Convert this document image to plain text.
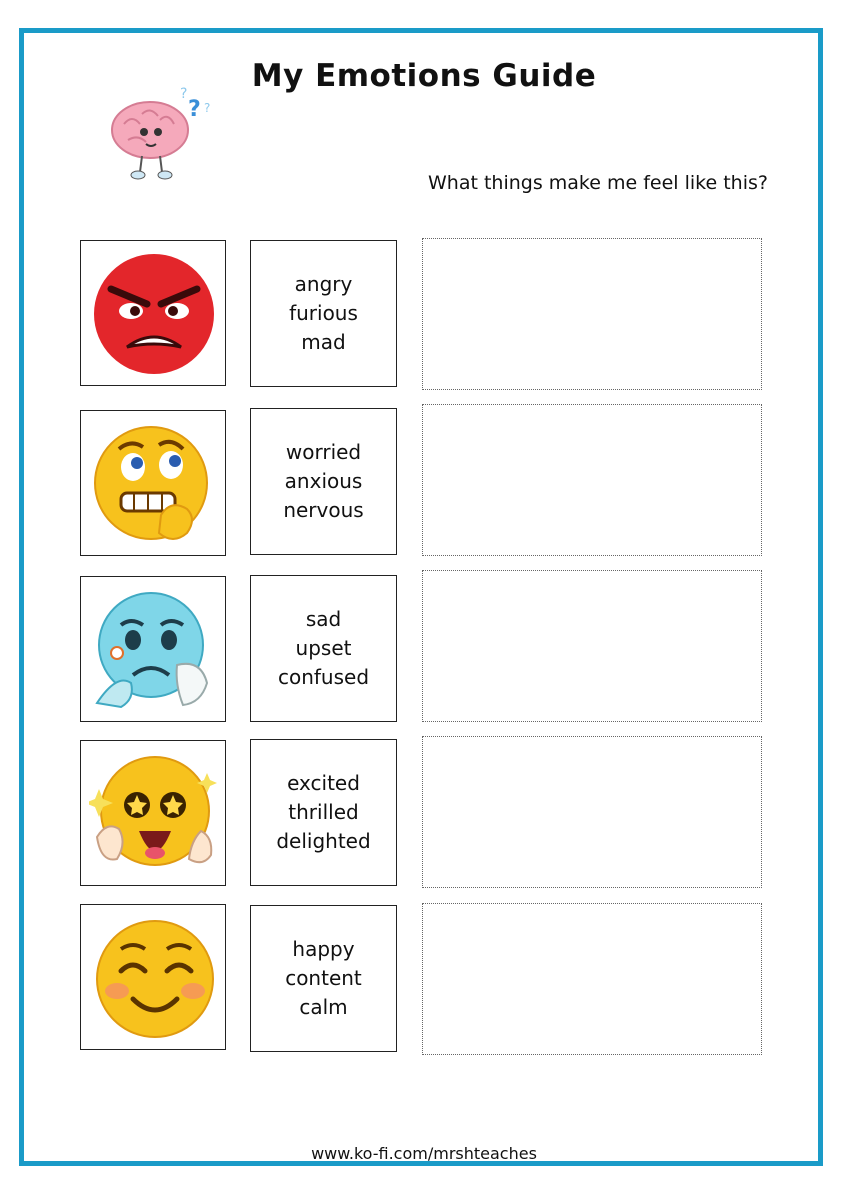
My Emotions Guide
?
? ?
What things make me feel like this?
angry
furious
mad
worried
anxious
nervous
sad
upset
confused
excited
thrilled
delighted
happy
content
calm
www.ko-fi.com/mrshteaches
